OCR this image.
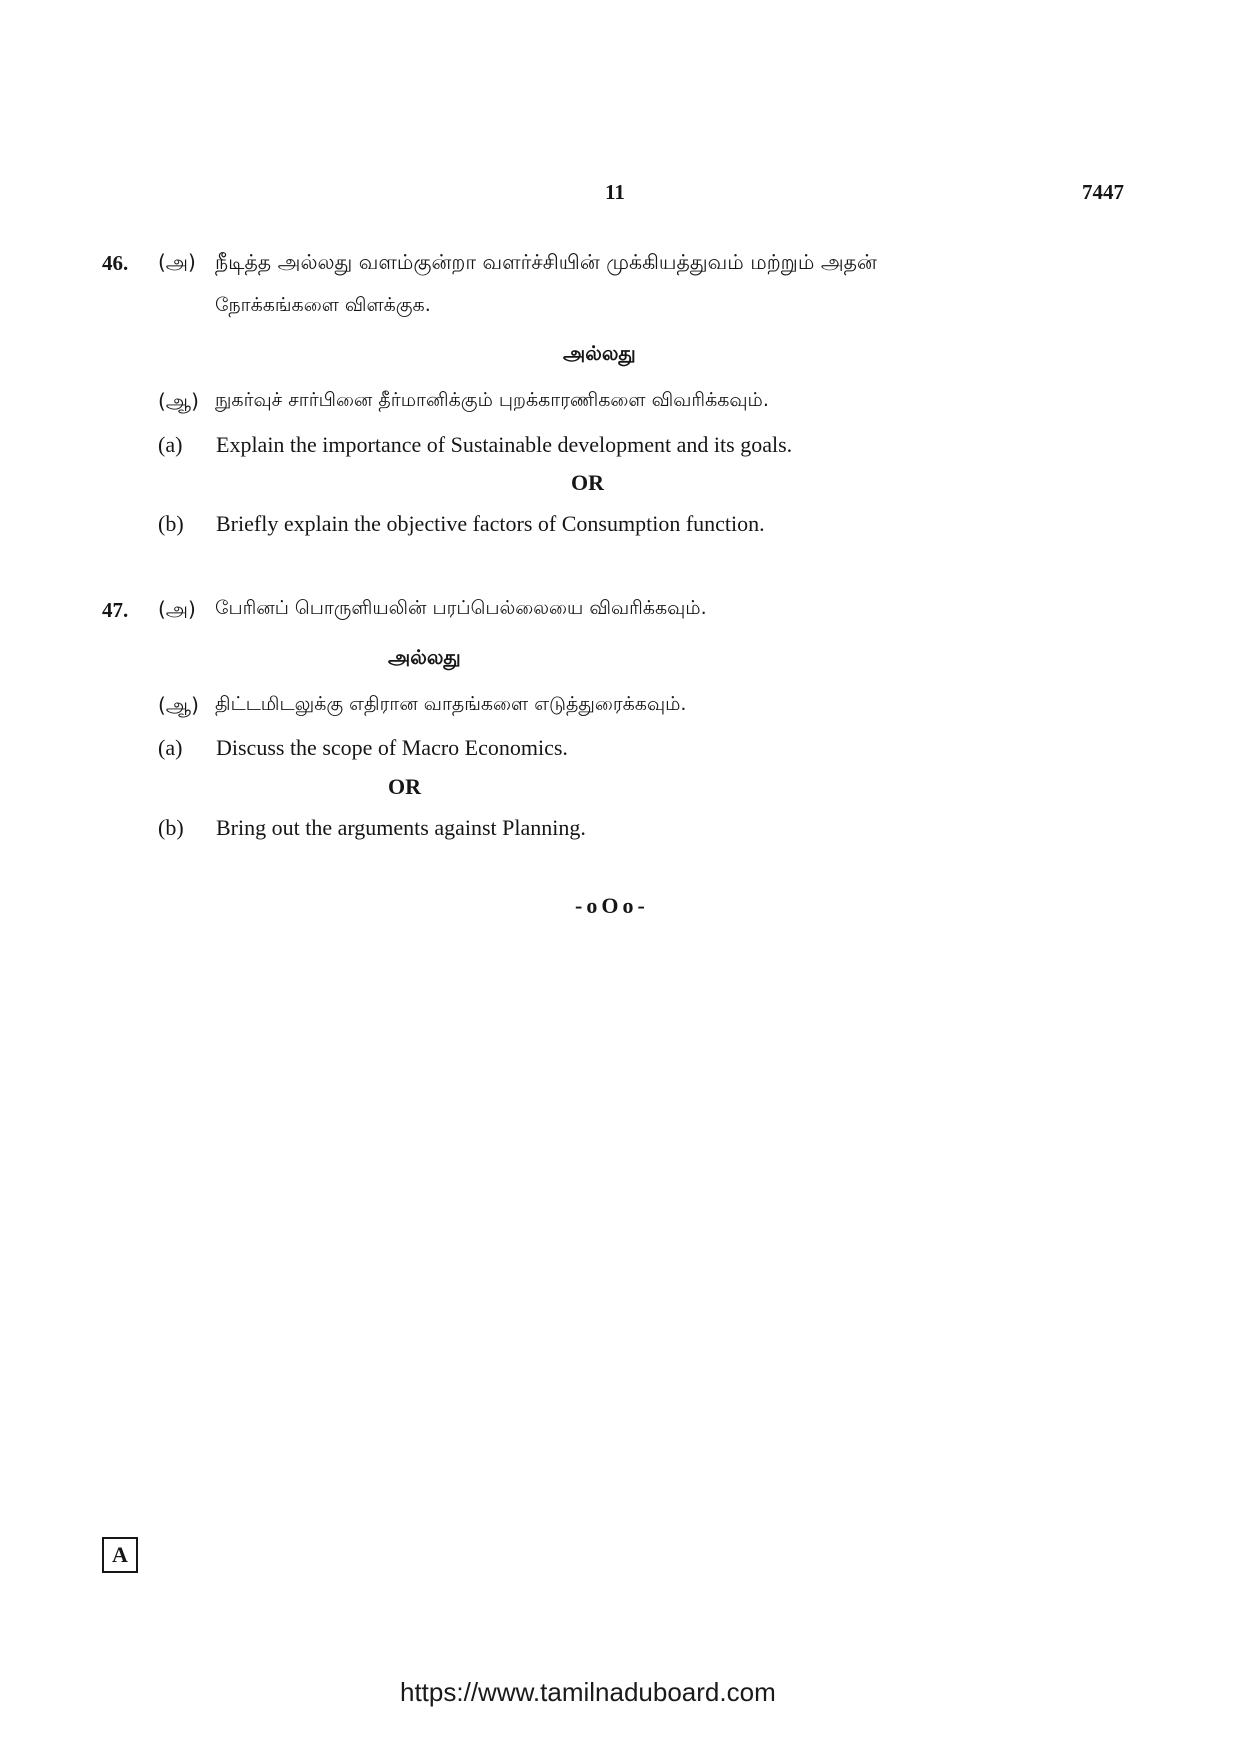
11	7447
46. (அ) நீடித்த அல்லது வளம்குன்றா வளர்ச்சியின் முக்கியத்துவம் மற்றும் அதன்
நோக்கங்களை விளக்குக.
அல்லது
(ஆ) நுகர்வுச் சார்பினை தீர்மானிக்கும் புறக்காரணிகளை விவரிக்கவும்.
(a) Explain the importance of Sustainable development and its goals.
OR
(b) Briefly explain the objective factors of Consumption function.
47. (அ) பேரினப் பொருளியலின் பரப்பெல்லையை விவரிக்கவும்.
அல்லது
(ஆ) திட்டமிடலுக்கு எதிரான வாதங்களை எடுத்துரைக்கவும்.
(a) Discuss the scope of Macro Economics.
OR
(b) Bring out the arguments against Planning.
-oOo-
A
https://www.tamilnaduboard.com
